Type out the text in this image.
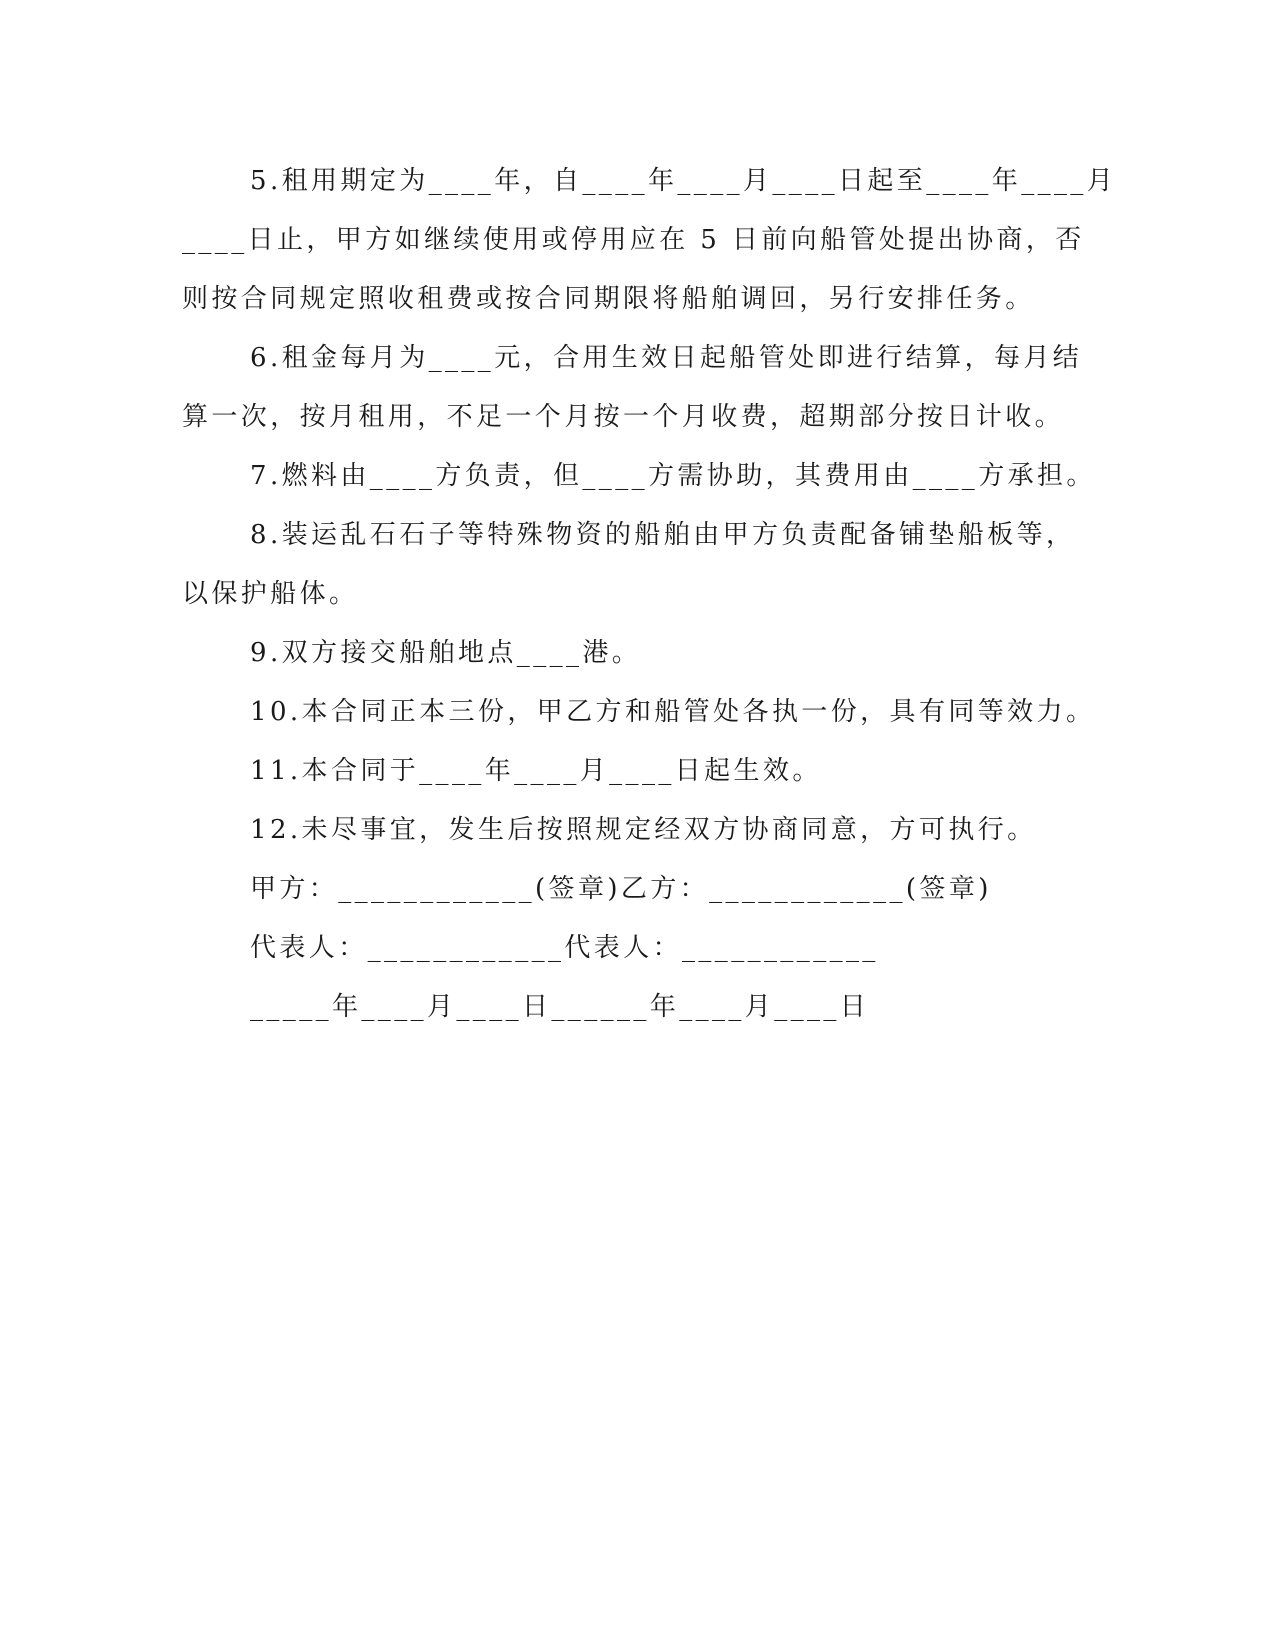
5.租用期定为____年，自____年____月____日起至____年____月
____日止，甲方如继续使用或停用应在 5 日前向船管处提出协商，否
则按合同规定照收租费或按合同期限将船舶调回，另行安排任务。
6.租金每月为____元，合用生效日起船管处即进行结算，每月结
算一次，按月租用，不足一个月按一个月收费，超期部分按日计收。
7.燃料由____方负责，但____方需协助，其费用由____方承担。
8.装运乱石石子等特殊物资的船舶由甲方负责配备铺垫船板等，
以保护船体。
9.双方接交船舶地点____港。
10.本合同正本三份，甲乙方和船管处各执一份，具有同等效力。
11.本合同于____年____月____日起生效。
12.未尽事宜，发生后按照规定经双方协商同意，方可执行。
甲方：____________(签章)乙方：____________(签章)
代表人：____________代表人：____________
_____年____月____日______年____月____日
